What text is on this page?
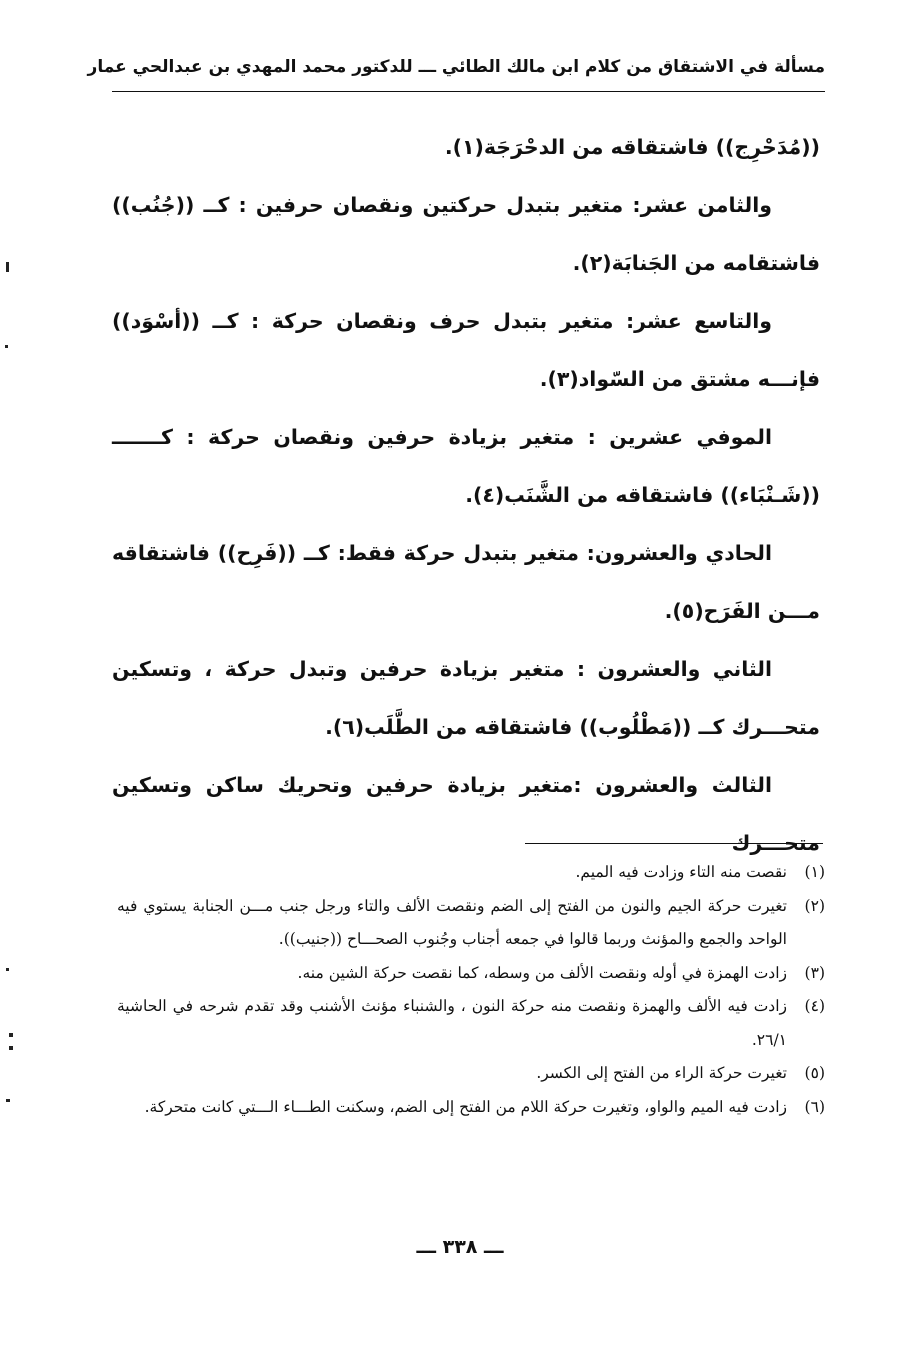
مسألة في الاشتقاق من كلام ابن مالك الطائي ـــ للدكتور محمد المهدي بن عبدالحي عمار

((مُدَحْرِج)) فاشتقاقه من الدحْرَجَة(١).

والثامن عشر: متغير بتبدل حركتين ونقصان حرفين : كــ ((جُنُب)) فاشتقامه من الجَنابَة(٢).

والتاسع عشر: متغير بتبدل حرف ونقصان حركة : كــ ((أسْوَد)) فإنـــه مشتق من السّواد(٣).

الموفي عشرين : متغير بزيادة حرفين ونقصان حركة : كـــــــ ((شَـنْبَاء)) فاشتقاقه من الشَّنَب(٤).

الحادي والعشرون: متغير بتبدل حركة فقط: كــ ((فَرِح)) فاشتقاقه مـــن الفَرَح(٥).

الثاني والعشرون : متغير بزيادة حرفين وتبدل حركة ، وتسكين متحـــرك كــ ((مَطْلُوب)) فاشتقاقه من الطَّلَب(٦).

الثالث والعشرون :متغير بزيادة حرفين وتحريك ساكن وتسكين متحـــرك

(١)
نقصت منه التاء وزادت فيه الميم.
(٢)
تغيرت حركة الجيم والنون من الفتح إلى الضم ونقصت الألف والتاء ورجل جنب مـــن الجنابة يستوي فيه الواحد والجمع والمؤنث وربما قالوا في جمعه أجناب وجُنوب الصحـــاح ((جنيب)).
(٣)
زادت الهمزة في أوله ونقصت الألف من وسطه، كما نقصت حركة الشين منه.
(٤)
زادت فيه الألف والهمزة ونقصت منه حركة النون ، والشنباء مؤنث الأشنب وقد تقدم شرحه في الحاشية ٢٦/١.
(٥)
تغيرت حركة الراء من الفتح إلى الكسر.
(٦)
زادت فيه الميم والواو، وتغيرت حركة اللام من الفتح إلى الضم، وسكنت الطـــاء الـــتي كانت متحركة.
ـــ ٣٣٨ ـــ
